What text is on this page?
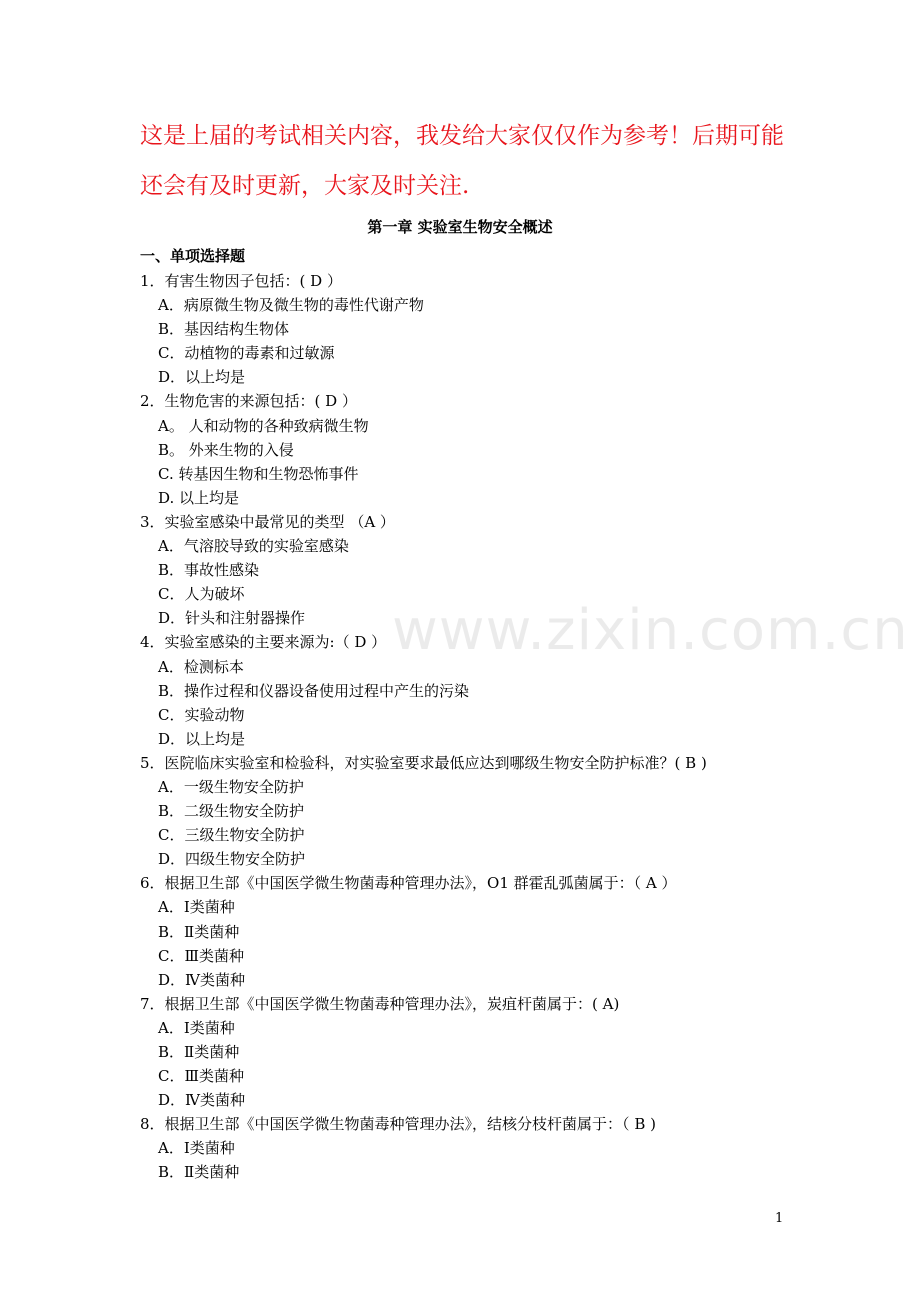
这是上届的考试相关内容，我发给大家仅仅作为参考！后期可能
还会有及时更新，大家及时关注.
第一章 实验室生物安全概述
一、单项选择题
1．有害生物因子包括：( D ）
A．病原微生物及微生物的毒性代谢产物
B．基因结构生物体
C．动植物的毒素和过敏源
D．以上均是
2．生物危害的来源包括：( D ）
A。 人和动物的各种致病微生物
B。 外来生物的入侵
C. 转基因生物和生物恐怖事件
D. 以上均是
3．实验室感染中最常见的类型 （A ）
A．气溶胶导致的实验室感染
B．事故性感染
C．人为破坏
D．针头和注射器操作
4．实验室感染的主要来源为:（ D ）
A．检测标本
B．操作过程和仪器设备使用过程中产生的污染
C．实验动物
D．以上均是
5．医院临床实验室和检验科，对实验室要求最低应达到哪级生物安全防护标准？( B )
A．一级生物安全防护
B．二级生物安全防护
C．三级生物安全防护
D．四级生物安全防护
6．根据卫生部《中国医学微生物菌毒种管理办法》，O1 群霍乱弧菌属于：（ A ）
A．Ⅰ类菌种
B．Ⅱ类菌种
C．Ⅲ类菌种
D．Ⅳ类菌种
7．根据卫生部《中国医学微生物菌毒种管理办法》，炭疽杆菌属于：( A)
A．Ⅰ类菌种
B．Ⅱ类菌种
C．Ⅲ类菌种
D．Ⅳ类菌种
8．根据卫生部《中国医学微生物菌毒种管理办法》，结核分枝杆菌属于：（ B )
A．Ⅰ类菌种
B．Ⅱ类菌种
www.zixin.com.cn
1
